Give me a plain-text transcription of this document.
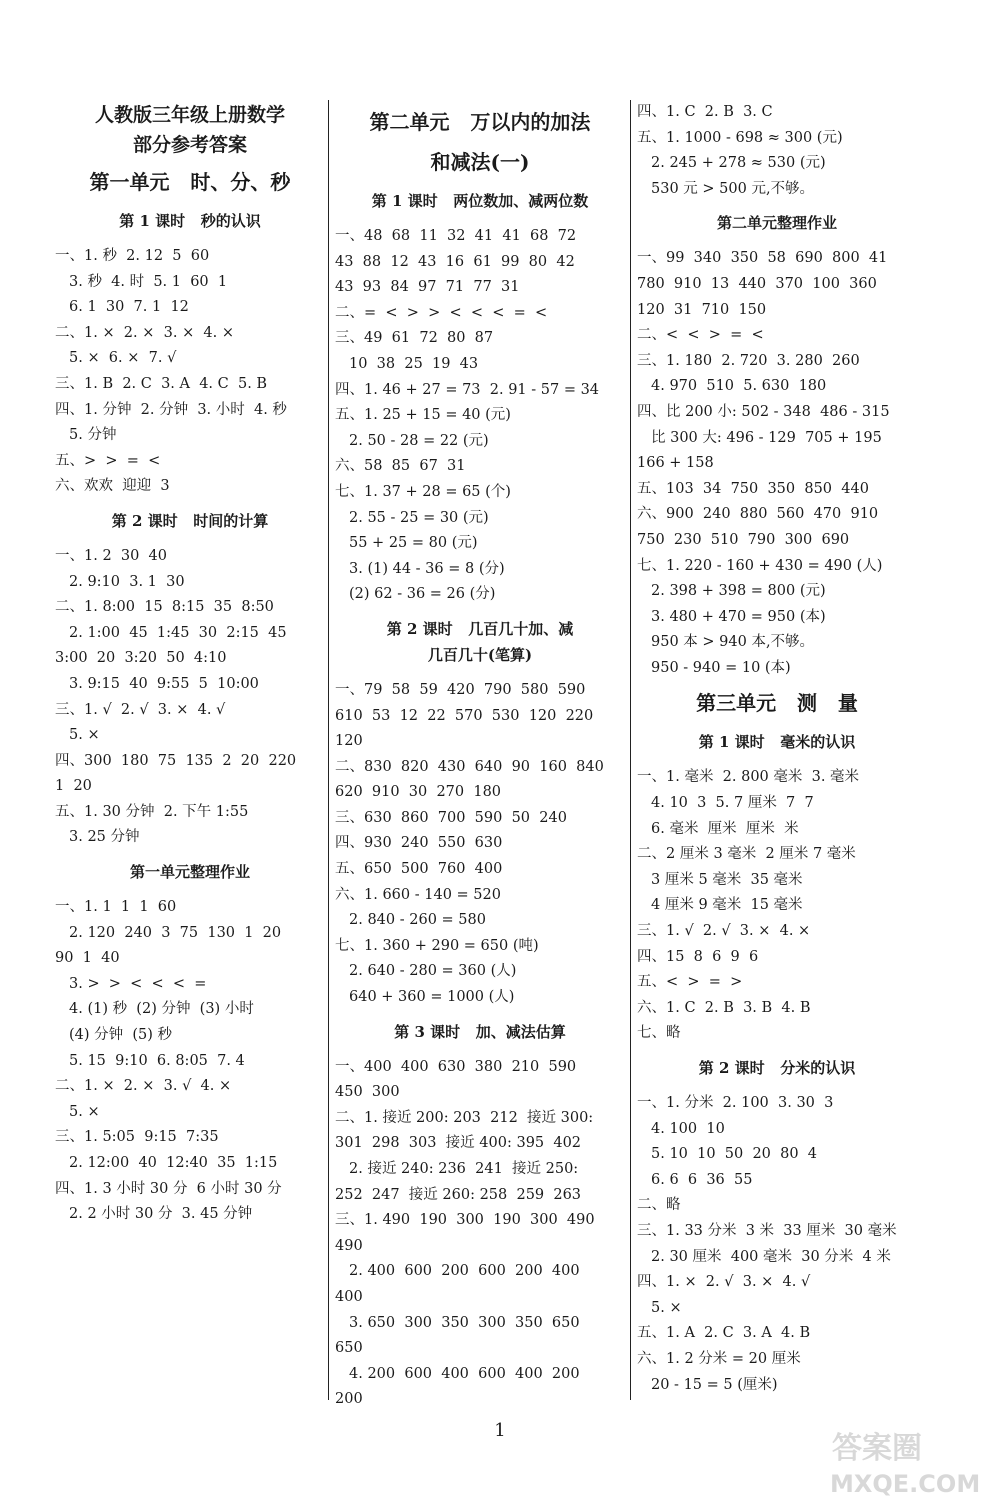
人教版三年级上册数学
部分参考答案
第一单元   时、分、秒
第 1 课时   秒的认识
一、1. 秒  2. 12  5  60
3. 秒  4. 时  5. 1  60  1
6. 1  30  7. 1  12
二、1. ×  2. ×  3. ×  4. ×
5. ×  6. ×  7. √
三、1. B  2. C  3. A  4. C  5. B
四、1. 分钟  2. 分钟  3. 小时  4. 秒
5. 分钟
五、>  >  =  <
六、欢欢  迎迎  3
第 2 课时   时间的计算
一、1. 2  30  40
2. 9:10  3. 1  30
二、1. 8:00  15  8:15  35  8:50
2. 1:00  45  1:45  30  2:15  45
3:00  20  3:20  50  4:10
3. 9:15  40  9:55  5  10:00
三、1. √  2. √  3. ×  4. √
5. ×
四、300  180  75  135  2  20  220
1  20
五、1. 30 分钟  2. 下午 1:55
3. 25 分钟
第一单元整理作业
一、1. 1  1  1  60
2. 120  240  3  75  130  1  20
90  1  40
3. >  >  <  <  <  =
4. (1) 秒  (2) 分钟  (3) 小时
(4) 分钟  (5) 秒
5. 15  9:10  6. 8:05  7. 4
二、1. ×  2. ×  3. √  4. ×
5. ×
三、1. 5:05  9:15  7:35
2. 12:00  40  12:40  35  1:15
四、1. 3 小时 30 分  6 小时 30 分
2. 2 小时 30 分  3. 45 分钟
第二单元   万以内的加法
和减法(一)
第 1 课时   两位数加、减两位数
一、48  68  11  32  41  41  68  72
43  88  12  43  16  61  99  80  42
43  93  84  97  71  77  31
二、=  <  >  >  <  <  <  =  <
三、49  61  72  80  87
10  38  25  19  43
四、1. 46 + 27 = 73  2. 91 - 57 = 34
五、1. 25 + 15 = 40 (元)
2. 50 - 28 = 22 (元)
六、58  85  67  31
七、1. 37 + 28 = 65 (个)
2. 55 - 25 = 30 (元)
55 + 25 = 80 (元)
3. (1) 44 - 36 = 8 (分)
(2) 62 - 36 = 26 (分)
第 2 课时   几百几十加、减
几百几十(笔算)
一、79  58  59  420  790  580  590
610  53  12  22  570  530  120  220
120
二、830  820  430  640  90  160  840
620  910  30  270  180
三、630  860  700  590  50  240
四、930  240  550  630
五、650  500  760  400
六、1. 660 - 140 = 520
2. 840 - 260 = 580
七、1. 360 + 290 = 650 (吨)
2. 640 - 280 = 360 (人)
640 + 360 = 1000 (人)
第 3 课时   加、减法估算
一、400  400  630  380  210  590
450  300
二、1. 接近 200: 203  212  接近 300:
301  298  303  接近 400: 395  402
2. 接近 240: 236  241  接近 250:
252  247  接近 260: 258  259  263
三、1. 490  190  300  190  300  490
490
2. 400  600  200  600  200  400
400
3. 650  300  350  300  350  650
650
4. 200  600  400  600  400  200
200
四、1. C  2. B  3. C
五、1. 1000 - 698 ≈ 300 (元)
2. 245 + 278 ≈ 530 (元)
530 元 > 500 元,不够。
第二单元整理作业
一、99  340  350  58  690  800  41
780  910  13  440  370  100  360
120  31  710  150
二、<  <  >  =  <
三、1. 180  2. 720  3. 280  260
4. 970  510  5. 630  180
四、比 200 小: 502 - 348  486 - 315
比 300 大: 496 - 129  705 + 195
166 + 158
五、103  34  750  350  850  440
六、900  240  880  560  470  910
750  230  510  790  300  690
七、1. 220 - 160 + 430 = 490 (人)
2. 398 + 398 = 800 (元)
3. 480 + 470 = 950 (本)
950 本 > 940 本,不够。
950 - 940 = 10 (本)
第三单元   测   量
第 1 课时   毫米的认识
一、1. 毫米  2. 800 毫米  3. 毫米
4. 10  3  5. 7 厘米  7  7
6. 毫米  厘米  厘米  米
二、2 厘米 3 毫米  2 厘米 7 毫米
3 厘米 5 毫米  35 毫米
4 厘米 9 毫米  15 毫米
三、1. √  2. √  3. ×  4. ×
四、15  8  6  9  6
五、<  >  =  >
六、1. C  2. B  3. B  4. B
七、略
第 2 课时   分米的认识
一、1. 分米  2. 100  3. 30  3
4. 100  10
5. 10  10  50  20  80  4
6. 6  6  36  55
二、略
三、1. 33 分米  3 米  33 厘米  30 毫米
2. 30 厘米  400 毫米  30 分米  4 米
四、1. ×  2. √  3. ×  4. √
5. ×
五、1. A  2. C  3. A  4. B
六、1. 2 分米 = 20 厘米
20 - 15 = 5 (厘米)
1
答案圈
MXQE.COM
